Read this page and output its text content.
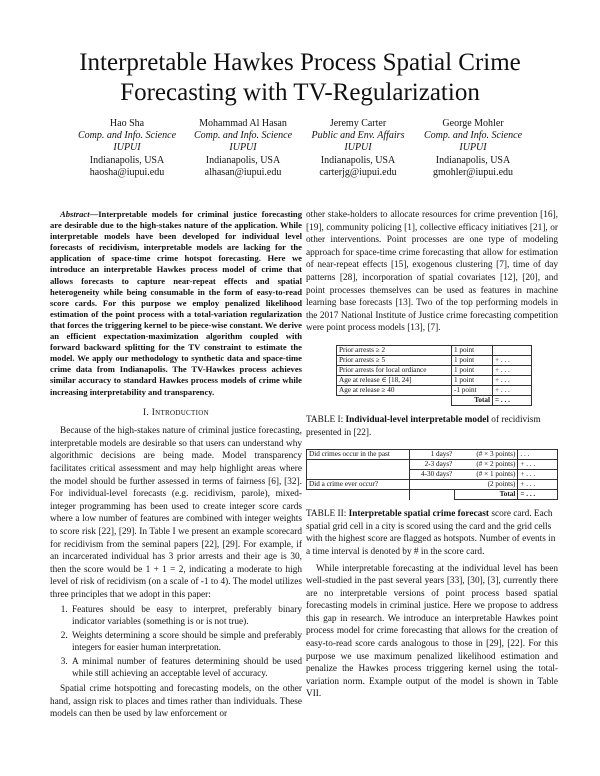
Interpretable Hawkes Process Spatial Crime Forecasting with TV-Regularization
Hao Sha
Comp. and Info. Science
IUPUI
Indianapolis, USA
haosha@iupui.edu
Mohammad Al Hasan
Comp. and Info. Science
IUPUI
Indianapolis, USA
alhasan@iupui.edu
Jeremy Carter
Public and Env. Affairs
IUPUI
Indianapolis, USA
carterjg@iupui.edu
George Mohler
Comp. and Info. Science
IUPUI
Indianapolis, USA
gmohler@iupui.edu

Abstract—Interpretable models for criminal justice forecasting are desirable due to the high-stakes nature of the application. While interpretable models have been developed for individual level forecasts of recidivism, interpretable models are lacking for the application of space-time crime hotspot forecasting. Here we introduce an interpretable Hawkes process model of crime that allows forecasts to capture near-repeat effects and spatial heterogeneity while being consumable in the form of easy-to-read score cards. For this purpose we employ penalized likelihood estimation of the point process with a total-variation regularization that forces the triggering kernel to be piece-wise constant. We derive an efficient expectation-maximization algorithm coupled with forward backward splitting for the TV constraint to estimate the model. We apply our methodology to synthetic data and space-time crime data from Indianapolis. The TV-Hawkes process achieves similar accuracy to standard Hawkes process models of crime while increasing interpretability and transparency.

I. Introduction

Because of the high-stakes nature of criminal justice forecasting, interpretable models are desirable so that users can understand why algorithmic decisions are being made. Model transparency facilitates critical assessment and may help highlight areas where the model should be further assessed in terms of fairness [6], [32]. For individual-level forecasts (e.g. recidivism, parole), mixed-integer programming has been used to create integer score cards where a low number of features are combined with integer weights to score risk [22], [29]. In Table I we present an example scorecard for recidivism from the seminal papers [22], [29]. For example, if an incarcerated individual has 3 prior arrests and their age is 30, then the score would be 1 + 1 = 2, indicating a moderate to high level of risk of recidivism (on a scale of -1 to 4). The model utilizes three principles that we adopt in this paper:

1. Features should be easy to interpret, preferably binary indicator variables (something is or is not true).
2. Weights determining a score should be simple and preferably integers for easier human interpretation.
3. A minimal number of features determining should be used while still achieving an acceptable level of accuracy.

Spatial crime hotspotting and forecasting models, on the other hand, assign risk to places and times rather than individuals. These models can then be used by law enforcement or

other stake-holders to allocate resources for crime prevention [16], [19], community policing [1], collective efficacy initiatives [21], or other interventions. Point processes are one type of modeling approach for space-time crime forecasting that allow for estimation of near-repeat effects [15], exogenous clustering [7], time of day patterns [28], incorporation of spatial covariates [12], [20], and point processes themselves can be used as features in machine learning base forecasts [13]. Two of the top performing models in the 2017 National Institute of Justice crime forecasting competition were point process models [13], [7].

Prior arrests ≥ 2	1 point	
Prior arrests ≥ 5	1 point	+ . . .
Prior arrests for local ordiance	1 point	+ . . .
Age at release ∈ [18, 24]	1 point	+ . . .
Age at release ≥ 40	-1 point	+ . . .
	Total	= . . .

TABLE I: Individual-level interpretable model of recidivism presented in [22].

Did crimes occur in the past	1 days?	(# × 3 points)	. . .
	2-3 days?	(# × 2 points)	+ . . .
	4-30 days?	(# × 1 points)	+ . . .
Did a crime ever occur?		(2 points)	+ . . .
		Total	= . . .

TABLE II: Interpretable spatial crime forecast score card. Each spatial grid cell in a city is scored using the card and the grid cells with the highest score are flagged as hotspots. Number of events in a time interval is denoted by # in the score card.

While interpretable forecasting at the individual level has been well-studied in the past several years [33], [30], [3], currently there are no interpretable versions of point process based spatial forecasting models in criminal justice. Here we propose to address this gap in research. We introduce an interpretable Hawkes point process model for crime forecasting that allows for the creation of easy-to-read score cards analogous to those in [29], [22]. For this purpose we use maximum penalized likelihood estimation and penalize the Hawkes process triggering kernel using the total-variation norm. Example output of the model is shown in Table VII.
